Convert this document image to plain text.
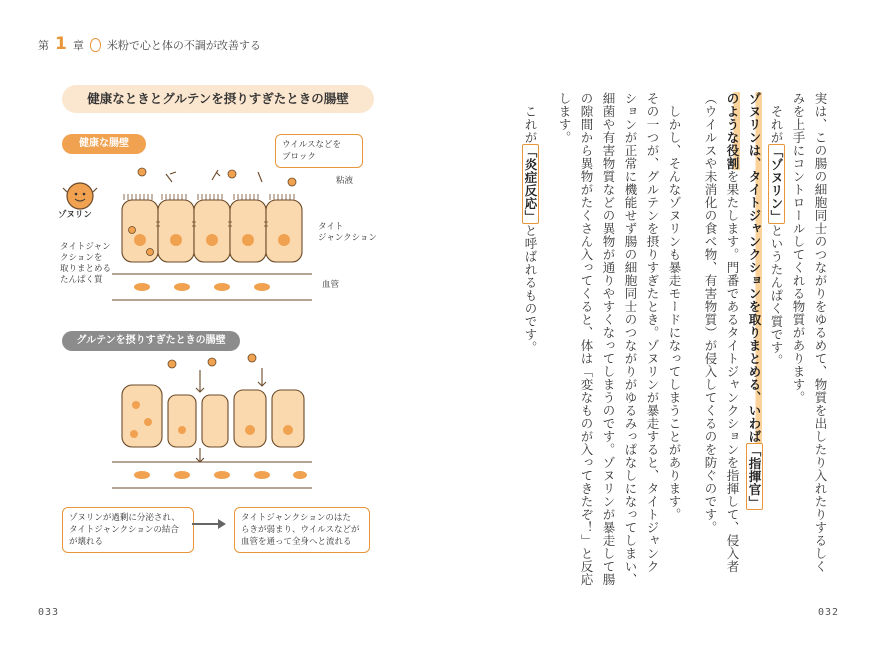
第 1 章 米粉で心と体の不調が改善する
健康なときとグルテンを摂りすぎたときの腸壁
健康な腸壁
グルテンを摂りすぎたときの腸壁
ウイルスなどを
ブロック
粘液
タイト
ジャンクション
血管
ゾヌリン
タイトジャン
クションを
取りまとめる
たんぱく質
ゾヌリンが過剰に分泌され、
タイトジャンクションの結合
が壊れる
タイトジャンクションのはた
らきが弱まり、ウイルスなどが
血管を通って全身へと流れる	実は、この腸の細胞同士のつながりをゆるめて、物質を出したり入れたりするしく
みを上手にコントロールしてくれる物質があります。
それが「ゾヌリン」というたんぱく質です。
ゾヌリンは、タイトジャンクションを取りまとめる、いわば「指揮官」
のような役割を果たします。門番であるタイトジャンクションを指揮して、侵入者
（ウイルスや未消化の食べ物、有害物質）が侵入してくるのを防ぐのです。
しかし、そんなゾヌリンも暴走モードになってしまうことがあります。
その一つが、グルテンを摂りすぎたとき。ゾヌリンが暴走すると、タイトジャンク
ションが正常に機能せず腸の細胞同士のつながりがゆるみっぱなしになってしまい、
細菌や有害物質などの異物が通りやすくなってしまうのです。ゾヌリンが暴走して腸
の隙間から異物がたくさん入ってくると、体は「変なものが入ってきたぞ！」と反応
します。
これが「炎症反応」と呼ばれるものです。
033	032
